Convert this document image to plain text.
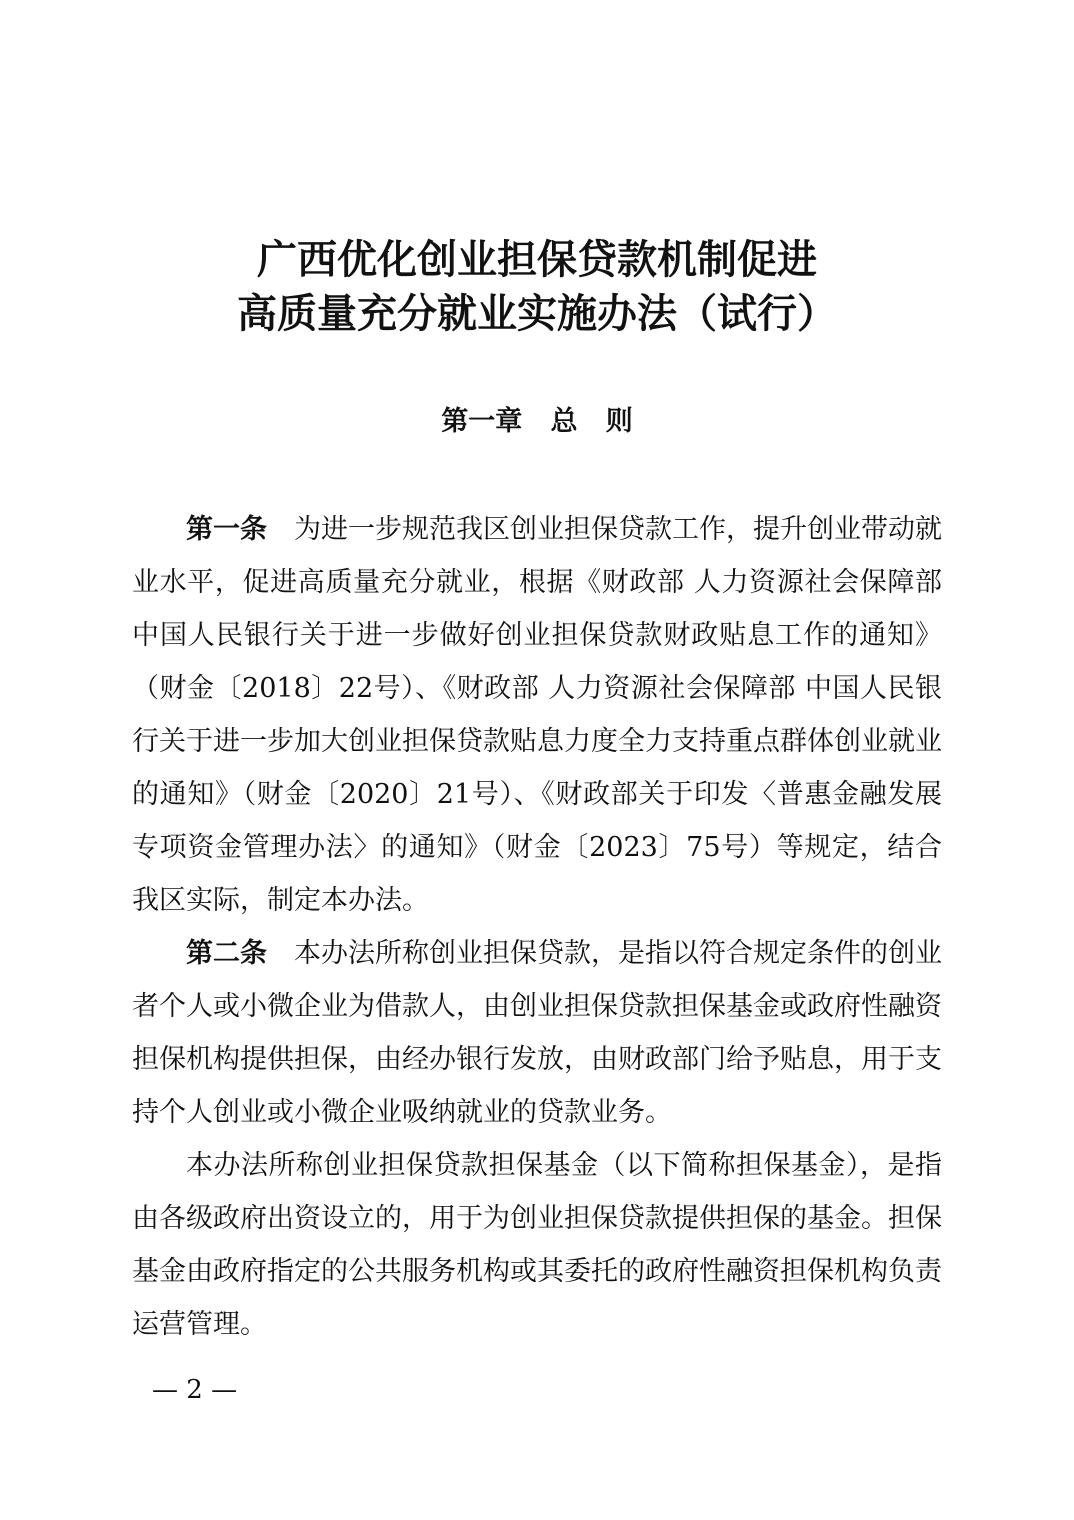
广西优化创业担保贷款机制促进
高质量充分就业实施办法（试行）
第一章   总   则

第一条 为进一步规范我区创业担保贷款工作，提升创业带动就业水平，促进高质量充分就业，根据《财政部 人力资源社会保障部 中国人民银行关于进一步做好创业担保贷款财政贴息工作的通知》（财金〔2018〕22号）、《财政部 人力资源社会保障部 中国人民银行关于进一步加大创业担保贷款贴息力度全力支持重点群体创业就业的通知》（财金〔2020〕21号）、《财政部关于印发〈普惠金融发展专项资金管理办法〉的通知》（财金〔2023〕75号）等规定，结合我区实际，制定本办法。

第二条 本办法所称创业担保贷款，是指以符合规定条件的创业者个人或小微企业为借款人，由创业担保贷款担保基金或政府性融资担保机构提供担保，由经办银行发放，由财政部门给予贴息，用于支持个人创业或小微企业吸纳就业的贷款业务。

本办法所称创业担保贷款担保基金（以下简称担保基金），是指由各级政府出资设立的，用于为创业担保贷款提供担保的基金。担保基金由政府指定的公共服务机构或其委托的政府性融资担保机构负责运营管理。

— 2 —
